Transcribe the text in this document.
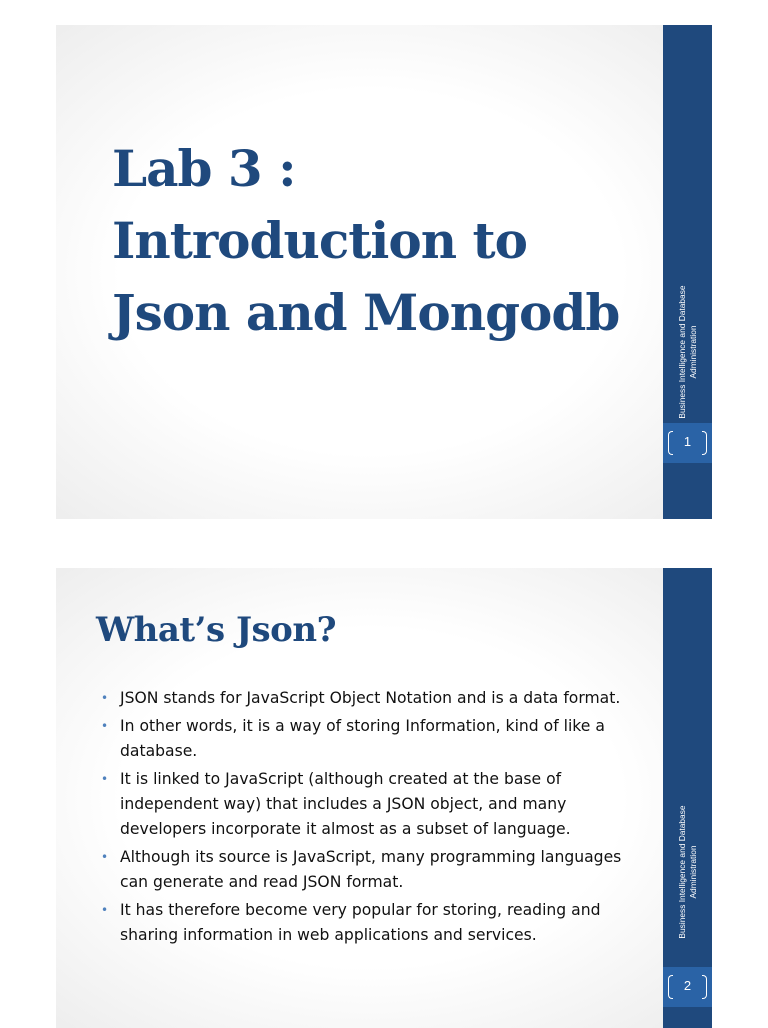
Lab 3 :
Introduction to
Json and Mongodb	Business Intelligence and Database
Administration
1
What’s Json?
• JSON stands for JavaScript Object Notation and is a data format.
• In other words, it is a way of storing Information, kind of like a database.
• It is linked to JavaScript (although created at the base of independent way) that includes a JSON object, and many developers incorporate it almost as a subset of language.
• Although its source is JavaScript, many programming languages can generate and read JSON format.
• It has therefore become very popular for storing, reading and sharing information in web applications and services.	Business Intelligence and Database
Administration
2
